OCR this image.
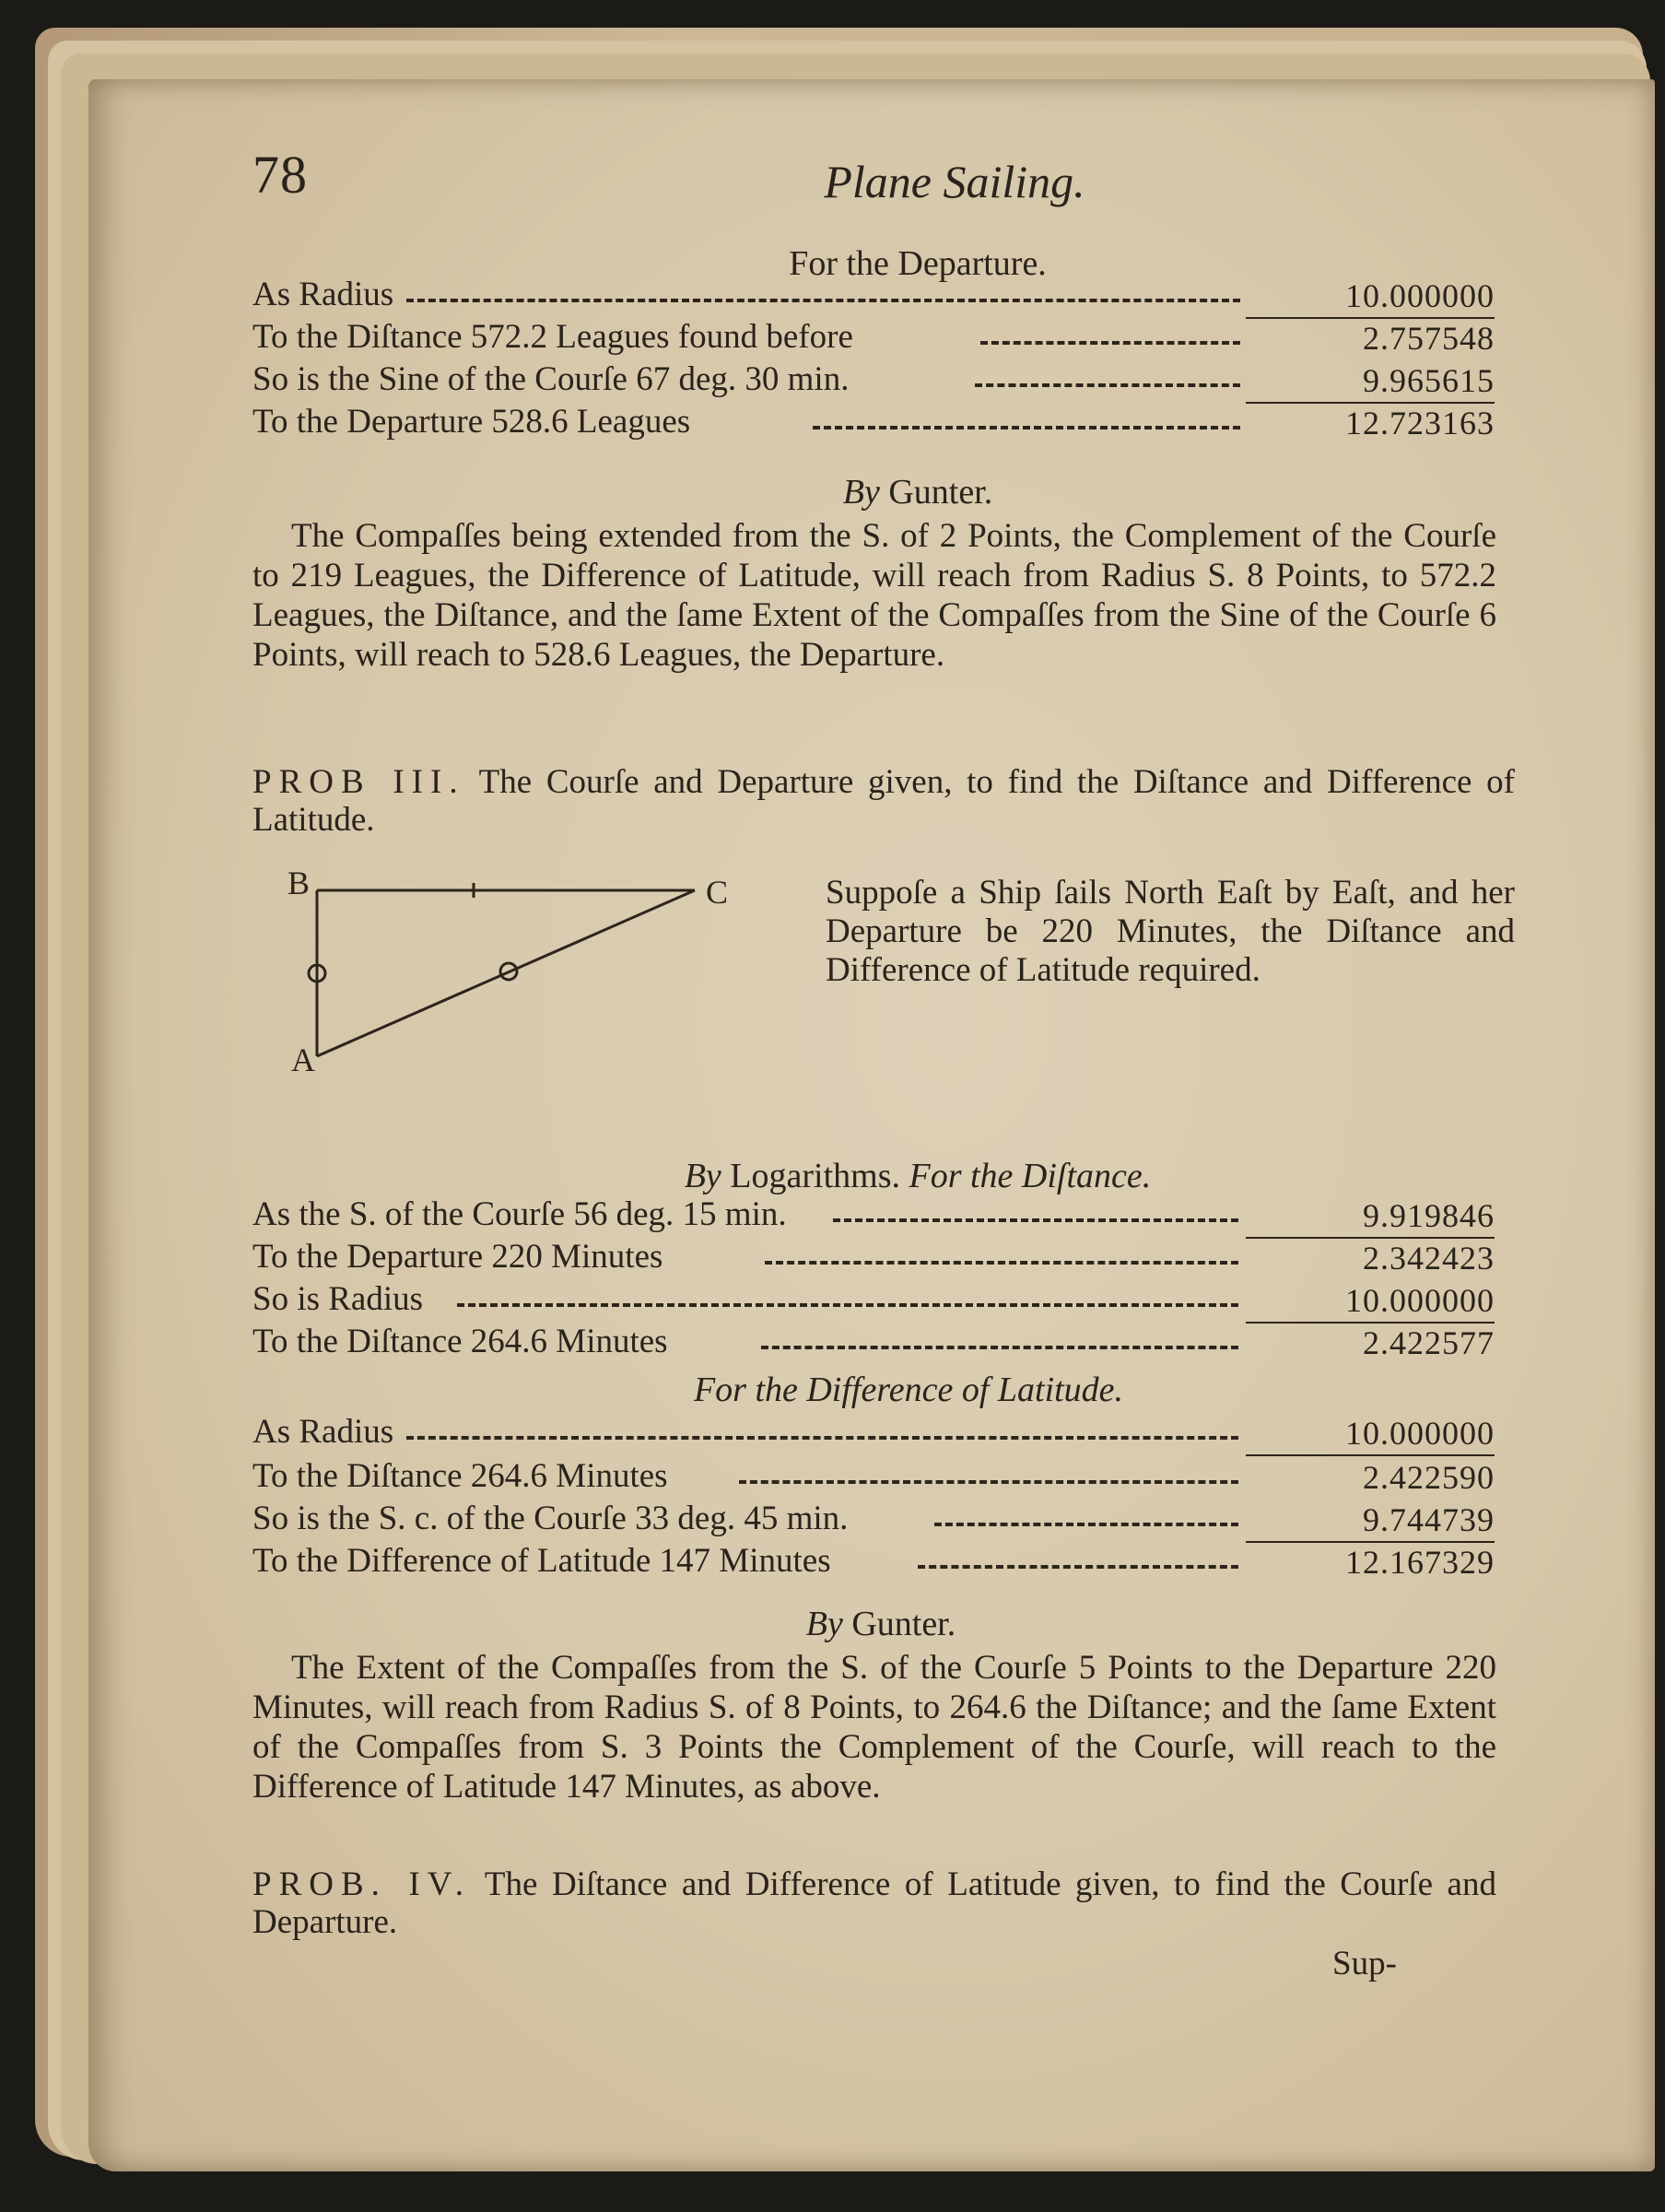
78	Plane Sailing.
For the Departure.
As Radius	10.000000
To the Diſtance 572.2 Leagues found before	2.757548
So is the Sine of the Courſe 67 deg. 30 min.	9.965615
To the Departure 528.6 Leagues	12.723163
By Gunter.
The Compaſſes being extended from the S. of 2 Points, the Complement of the Courſe to 219 Leagues, the Difference of Latitude, will reach from Radius S. 8 Points, to 572.2 Leagues, the Diſtance, and the ſame Extent of the Compaſſes from the Sine of the Courſe 6 Points, will reach to 528.6 Leagues, the Departure.
PROB III. The Courſe and Departure given, to find the Diſtance and Difference of Latitude.
B	C
A
Suppoſe a Ship ſails North Eaſt by Eaſt, and her Departure be 220 Minutes, the Diſtance and Difference of Latitude required.
By Logarithms. For the Diſtance.
As the S. of the Courſe 56 deg. 15 min.	9.919846
To the Departure 220 Minutes	2.342423
So is Radius	10.000000
To the Diſtance 264.6 Minutes	2.422577
For the Difference of Latitude.
As Radius	10.000000
To the Diſtance 264.6 Minutes	2.422590
So is the S. c. of the Courſe 33 deg. 45 min.	9.744739
To the Difference of Latitude 147 Minutes	12.167329
By Gunter.
The Extent of the Compaſſes from the S. of the Courſe 5 Points to the Departure 220 Minutes, will reach from Radius S. of 8 Points, to 264.6 the Diſtance; and the ſame Extent of the Compaſſes from S. 3 Points the Complement of the Courſe, will reach to the Difference of Latitude 147 Minutes, as above.
PROB. IV. The Diſtance and Difference of Latitude given, to find the Courſe and Departure.
Sup-
